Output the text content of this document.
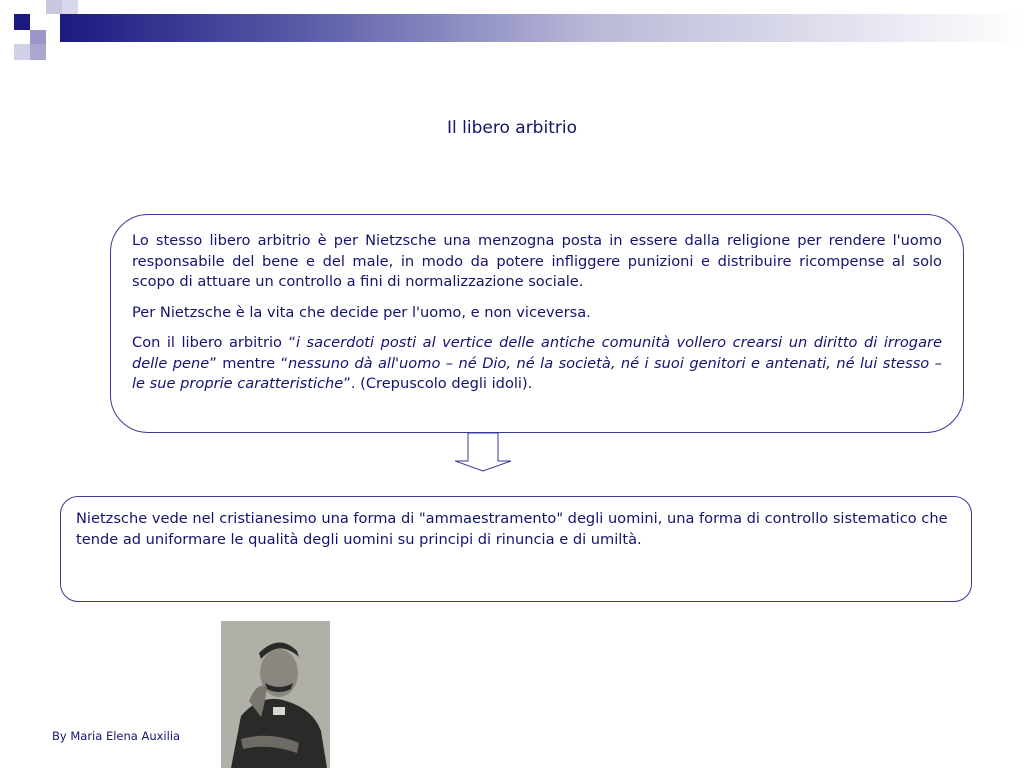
Il libero arbitrio

Lo stesso libero arbitrio è per Nietzsche una menzogna posta in essere dalla religione per rendere l'uomo responsabile del bene e del male, in modo da potere infliggere punizioni e distribuire ricompense al solo scopo di attuare un controllo a fini di normalizzazione sociale.

Per Nietzsche è la vita che decide per l'uomo, e non viceversa.

Con il libero arbitrio “i sacerdoti posti al vertice delle antiche comunità vollero crearsi un diritto di irrogare delle pene” mentre “nessuno dà all'uomo – né Dio, né la società, né i suoi genitori e antenati, né lui stesso – le sue proprie caratteristiche”. (Crepuscolo degli idoli).

Nietzsche vede nel cristianesimo una forma di "ammaestramento" degli uomini, una forma di controllo sistematico che tende ad uniformare le qualità degli uomini su principi di rinuncia e di umiltà.

By Maria Elena Auxilia
